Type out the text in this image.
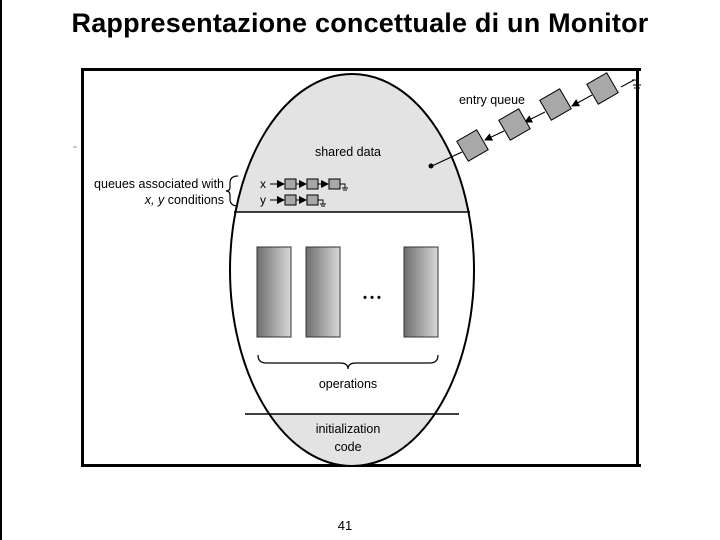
Rappresentazione concettuale di un Monitor
shared data
operations
initialization
code
• • •
queues associated with
x, y conditions
x
y
entry queue
41
